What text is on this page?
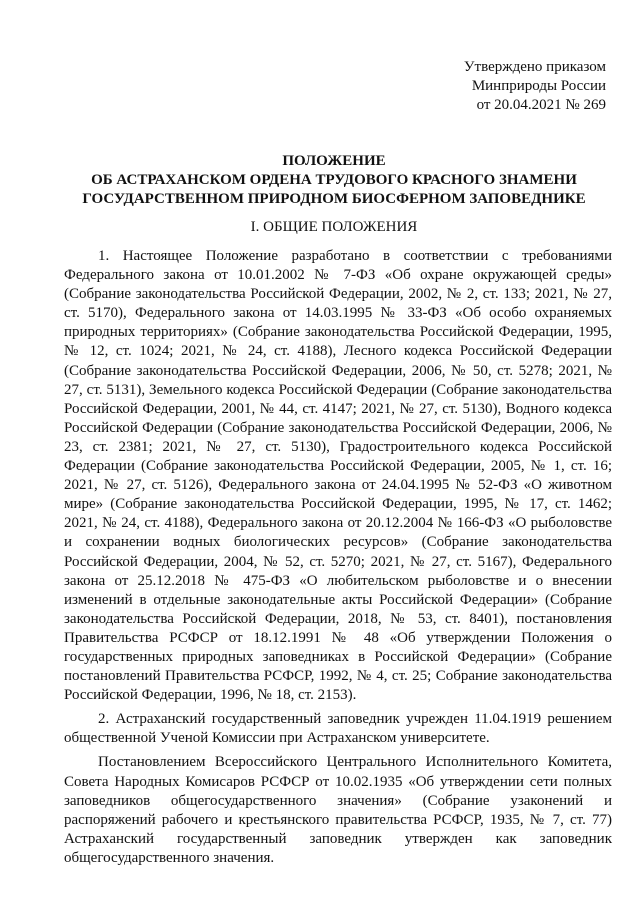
Утверждено приказом
Минприроды России
от 20.04.2021 № 269
ПОЛОЖЕНИЕ
ОБ АСТРАХАНСКОМ ОРДЕНА ТРУДОВОГО КРАСНОГО ЗНАМЕНИ
ГОСУДАРСТВЕННОМ ПРИРОДНОМ БИОСФЕРНОМ ЗАПОВЕДНИКЕ
I. ОБЩИЕ ПОЛОЖЕНИЯ

1. Настоящее Положение разработано в соответствии с требованиями Федерального закона от 10.01.2002 № 7-ФЗ «Об охране окружающей среды» (Собрание законодательства Российской Федерации, 2002, № 2, ст. 133; 2021, № 27, ст. 5170), Федерального закона от 14.03.1995 № 33-ФЗ «Об особо охраняемых природных территориях» (Собрание законодательства Российской Федерации, 1995, № 12, ст. 1024; 2021, № 24, ст. 4188), Лесного кодекса Российской Федерации (Собрание законодательства Российской Федерации, 2006, № 50, ст. 5278; 2021, № 27, ст. 5131), Земельного кодекса Российской Федерации (Собрание законодательства Российской Федерации, 2001, № 44, ст. 4147; 2021, № 27, ст. 5130), Водного кодекса Российской Федерации (Собрание законодательства Российской Федерации, 2006, № 23, ст. 2381; 2021, № 27, ст. 5130), Градостроительного кодекса Российской Федерации (Собрание законодательства Российской Федерации, 2005, № 1, ст. 16; 2021, № 27, ст. 5126), Федерального закона от 24.04.1995 № 52-ФЗ «О животном мире» (Собрание законодательства Российской Федерации, 1995, № 17, ст. 1462; 2021, № 24, ст. 4188), Федерального закона от 20.12.2004 № 166-ФЗ «О рыболовстве и сохранении водных биологических ресурсов» (Собрание законодательства Российской Федерации, 2004, № 52, ст. 5270; 2021, № 27, ст. 5167), Федерального закона от 25.12.2018 № 475-ФЗ «О любительском рыболовстве и о внесении изменений в отдельные законодательные акты Российской Федерации» (Собрание законодательства Российской Федерации, 2018, № 53, ст. 8401), постановления Правительства РСФСР от 18.12.1991 № 48 «Об утверждении Положения о государственных природных заповедниках в Российской Федерации» (Собрание постановлений Правительства РСФСР, 1992, № 4, ст. 25; Собрание законодательства Российской Федерации, 1996, № 18, ст. 2153).

2. Астраханский государственный заповедник учрежден 11.04.1919 решением общественной Ученой Комиссии при Астраханском университете.

Постановлением Всероссийского Центрального Исполнительного Комитета, Совета Народных Комисаров РСФСР от 10.02.1935 «Об утверждении сети полных заповедников общегосударственного значения» (Собрание узаконений и распоряжений рабочего и крестьянского правительства РСФСР, 1935, № 7, ст. 77) Астраханский государственный заповедник утвержден как заповедник общегосударственного значения.
